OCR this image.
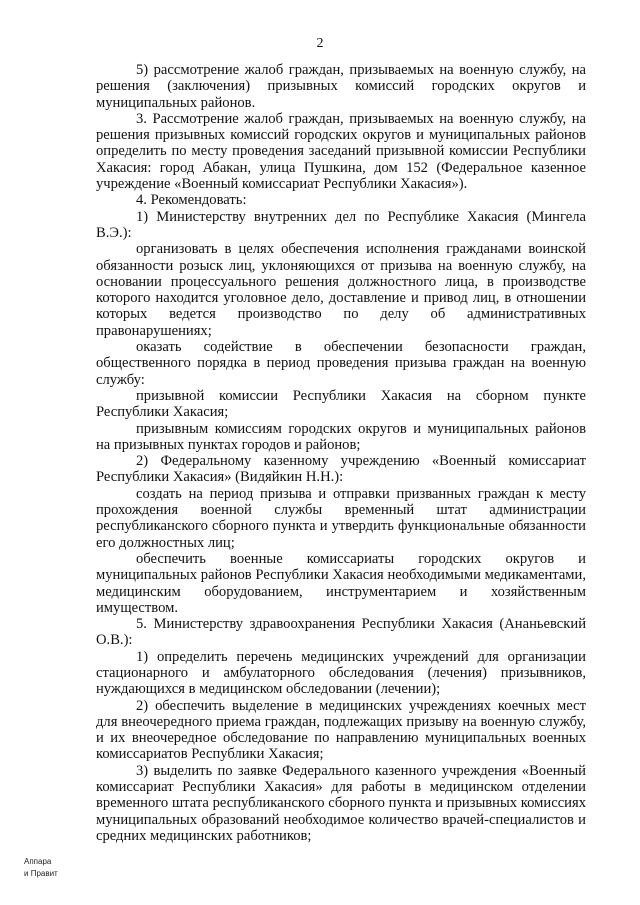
2

5) рассмотрение жалоб граждан, призываемых на военную службу, на решения (заключения) призывных комиссий городских округов и муниципальных районов.

3. Рассмотрение жалоб граждан, призываемых на военную службу, на решения призывных комиссий городских округов и муниципальных районов определить по месту проведения заседаний призывной комиссии Республики Хакасия: город Абакан, улица Пушкина, дом 152 (Федеральное казенное учреждение «Военный комиссариат Республики Хакасия»).

4. Рекомендовать:

1) Министерству внутренних дел по Республике Хакасия (Мингела В.Э.):

организовать в целях обеспечения исполнения гражданами воинской обязанности розыск лиц, уклоняющихся от призыва на военную службу, на основании процессуального решения должностного лица, в производстве которого находится уголовное дело, доставление и привод лиц, в отношении которых ведется производство по делу об административных правонарушениях;

оказать содействие в обеспечении безопасности граждан, общественного порядка в период проведения призыва граждан на военную службу:

призывной комиссии Республики Хакасия на сборном пункте Республики Хакасия;

призывным комиссиям городских округов и муниципальных районов на призывных пунктах городов и районов;

2) Федеральному казенному учреждению «Военный комиссариат Республики Хакасия» (Видяйкин Н.Н.):

создать на период призыва и отправки призванных граждан к месту прохождения военной службы временный штат администрации республиканского сборного пункта и утвердить функциональные обязанности его должностных лиц;

обеспечить военные комиссариаты городских округов и муниципальных районов Республики Хакасия необходимыми медикаментами, медицинским оборудованием, инструментарием и хозяйственным имуществом.

5. Министерству здравоохранения Республики Хакасия (Ананьевский О.В.):

1) определить перечень медицинских учреждений для организации стационарного и амбулаторного обследования (лечения) призывников, нуждающихся в медицинском обследовании (лечении);

2) обеспечить выделение в медицинских учреждениях коечных мест для внеочередного приема граждан, подлежащих призыву на военную службу, и их внеочередное обследование по направлению муниципальных военных комиссариатов Республики Хакасия;

3) выделить по заявке Федерального казенного учреждения «Военный комиссариат Республики Хакасия» для работы в медицинском отделении временного штата республиканского сборного пункта и призывных комиссиях муниципальных образований необходимое количество врачей-специалистов и средних медицинских работников;

Аппара
и Правит
